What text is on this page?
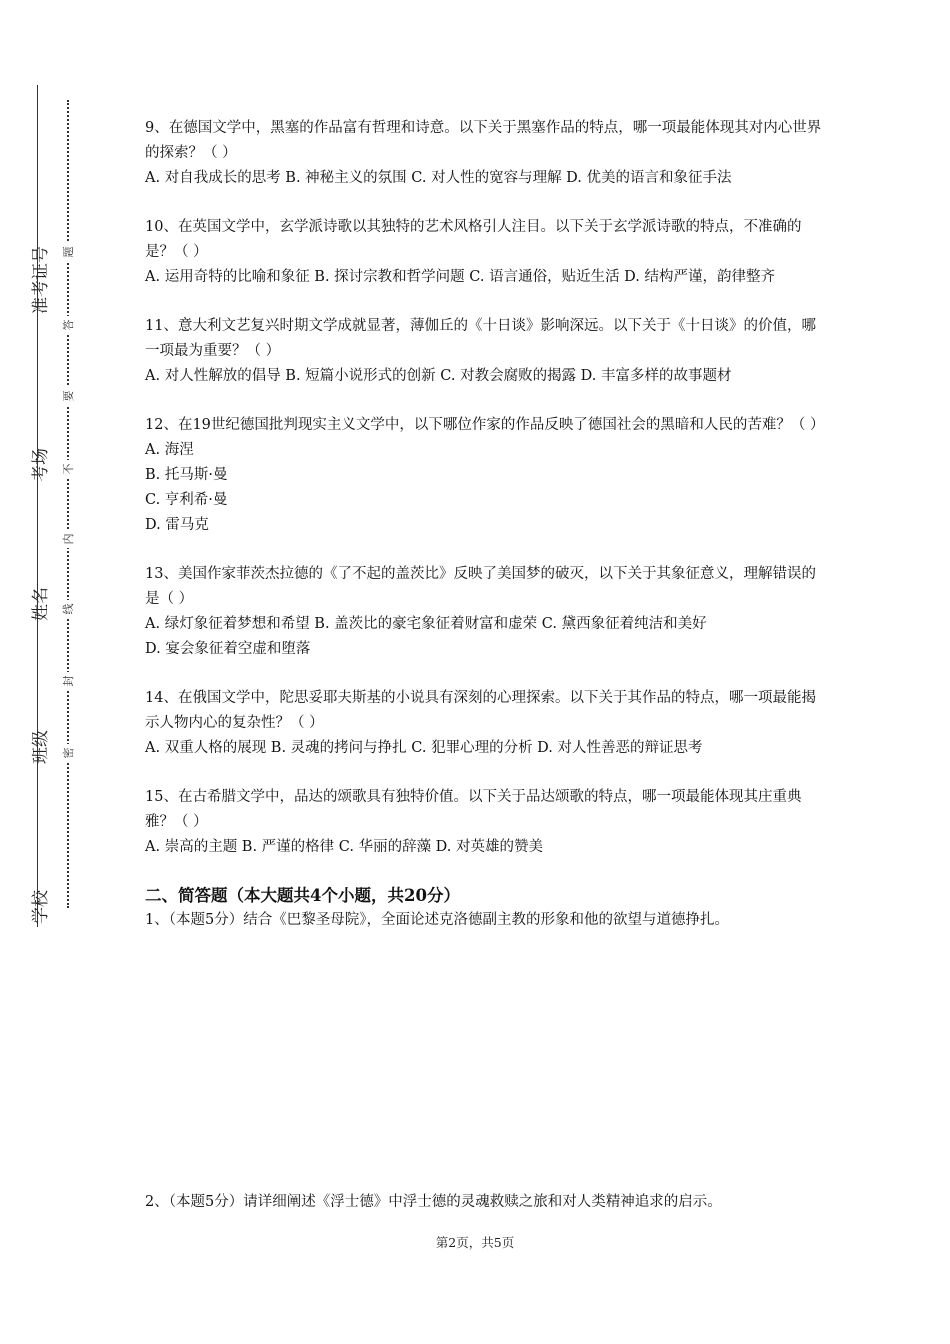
准考证号
考场
姓名
班级
学校
题
答
要
不
内
线
封
密

9、在德国文学中，黑塞的作品富有哲理和诗意。以下关于黑塞作品的特点，哪一项最能体现其对内心世界的探索？（ ）

A. 对自我成长的思考 B. 神秘主义的氛围 C. 对人性的宽容与理解 D. 优美的语言和象征手法

10、在英国文学中，玄学派诗歌以其独特的艺术风格引人注目。以下关于玄学派诗歌的特点，不准确的是？（ ）

A. 运用奇特的比喻和象征 B. 探讨宗教和哲学问题 C. 语言通俗，贴近生活 D. 结构严谨，韵律整齐

11、意大利文艺复兴时期文学成就显著，薄伽丘的《十日谈》影响深远。以下关于《十日谈》的价值，哪一项最为重要？（ ）

A. 对人性解放的倡导 B. 短篇小说形式的创新 C. 对教会腐败的揭露 D. 丰富多样的故事题材

12、在19世纪德国批判现实主义文学中，以下哪位作家的作品反映了德国社会的黑暗和人民的苦难？（ ）

A. 海涅

B. 托马斯·曼

C. 亨利希·曼

D. 雷马克

13、美国作家菲茨杰拉德的《了不起的盖茨比》反映了美国梦的破灭，以下关于其象征意义，理解错误的是（ ）

A. 绿灯象征着梦想和希望 B. 盖茨比的豪宅象征着财富和虚荣 C. 黛西象征着纯洁和美好

D. 宴会象征着空虚和堕落

14、在俄国文学中，陀思妥耶夫斯基的小说具有深刻的心理探索。以下关于其作品的特点，哪一项最能揭示人物内心的复杂性？（ ）

A. 双重人格的展现 B. 灵魂的拷问与挣扎 C. 犯罪心理的分析 D. 对人性善恶的辩证思考

15、在古希腊文学中，品达的颂歌具有独特价值。以下关于品达颂歌的特点，哪一项最能体现其庄重典雅？（ ）

A. 崇高的主题 B. 严谨的格律 C. 华丽的辞藻 D. 对英雄的赞美

二、简答题（本大题共4个小题，共20分）

1、（本题5分）结合《巴黎圣母院》，全面论述克洛德副主教的形象和他的欲望与道德挣扎。

2、（本题5分）请详细阐述《浮士德》中浮士德的灵魂救赎之旅和对人类精神追求的启示。

第2页，共5页
